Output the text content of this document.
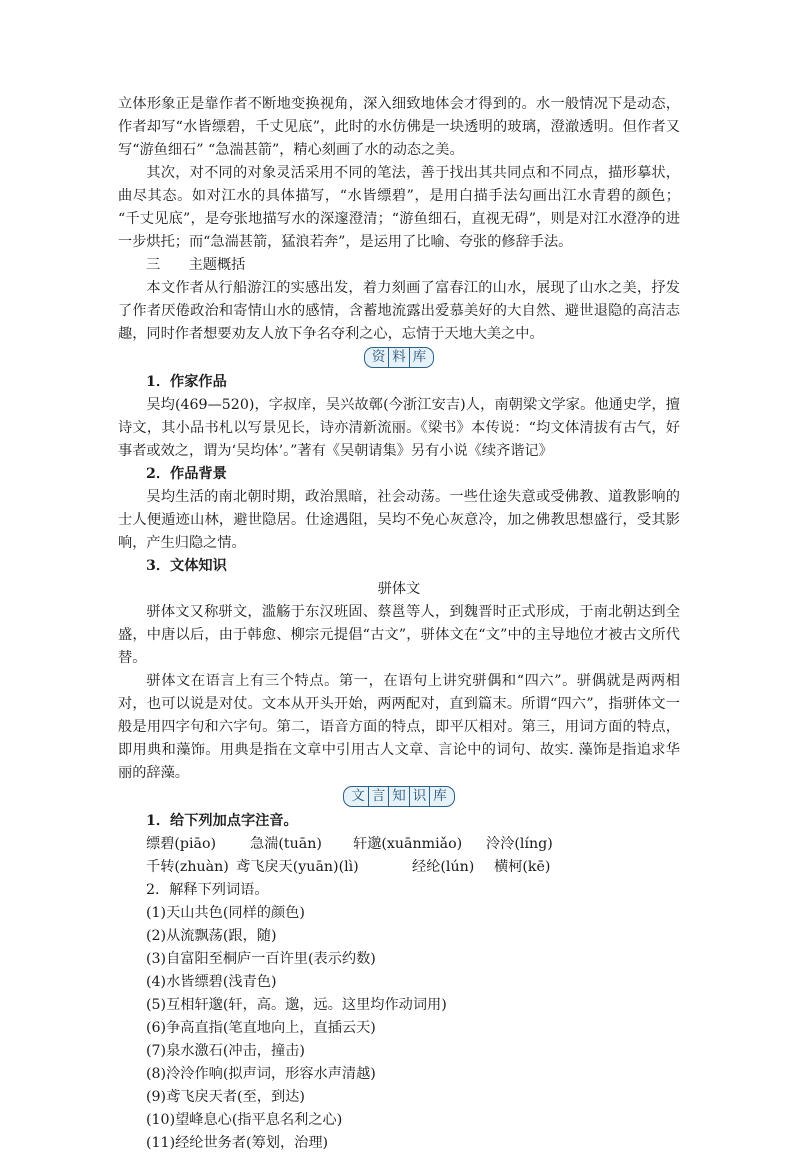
立体形象正是靠作者不断地变换视角，深入细致地体会才得到的。水一般情况下是动态，作者却写“水皆缥碧，千丈见底”，此时的水仿佛是一块透明的玻璃，澄澈透明。但作者又写“游鱼细石” “急湍甚箭”，精心刻画了水的动态之美。

其次，对不同的对象灵活采用不同的笔法，善于找出其共同点和不同点，描形摹状，曲尽其态。如对江水的具体描写，“水皆缥碧”，是用白描手法勾画出江水青碧的颜色； “千丈见底”，是夸张地描写水的深邃澄清；“游鱼细石，直视无碍”，则是对江水澄净的进一步烘托；而“急湍甚箭，猛浪若奔”，是运用了比喻、夸张的修辞手法。

三　　主题概括

本文作者从行船游江的实感出发，着力刻画了富春江的山水，展现了山水之美，抒发了作者厌倦政治和寄情山水的感情，含蓄地流露出爱慕美好的大自然、避世退隐的高洁志趣，同时作者想要劝友人放下争名夺利之心，忘情于天地大美之中。

资 料 库

1．作家作品

吴均(469—520)，字叔庠，吴兴故鄣(今浙江安吉)人，南朝梁文学家。他通史学，擅诗文，其小品书札以写景见长，诗亦清新流丽。《梁书》本传说：“均文体清拔有古气，好事者或效之，谓为‘吴均体’。”著有《吴朝请集》另有小说《续齐谐记》

2．作品背景

吴均生活的南北朝时期，政治黑暗，社会动荡。一些仕途失意或受佛教、道教影响的士人便遁迹山林，避世隐居。仕途遇阻，吴均不免心灰意冷，加之佛教思想盛行，受其影响，产生归隐之情。

3．文体知识

骈体文

骈体文又称骈文，滥觞于东汉班固、蔡邕等人，到魏晋时正式形成，于南北朝达到全盛，中唐以后，由于韩愈、柳宗元提倡“古文”，骈体文在“文”中的主导地位才被古文所代替。

骈体文在语言上有三个特点。第一，在语句上讲究骈偶和“四六”。骈偶就是两两相对，也可以说是对仗。文本从开头开始，两两配对，直到篇末。所谓“四六”，指骈体文一般是用四字句和六字句。第二，语音方面的特点，即平仄相对。第三，用词方面的特点，即用典和藻饰。用典是指在文章中引用古人文章、言论中的词句、故实. 藻饰是指追求华丽的辞藻。

文 言 知 识 库

1．给下列加点字注音。

缥碧(piāo)	急湍(tuān)	轩邈(xuānmiǎo)	泠泠(líng)
千转(zhuàn) 鸢飞戾天(yuān)(lì)	经纶(lún)	横柯(kē)

2．解释下列词语。

(1)天山共色(同样的颜色)

(2)从流飘荡(跟，随)

(3)自富阳至桐庐一百许里(表示约数)

(4)水皆缥碧(浅青色)

(5)互相轩邈(轩，高。邈，远。这里均作动词用)

(6)争高直指(笔直地向上，直插云天)

(7)泉水激石(冲击，撞击)

(8)泠泠作响(拟声词，形容水声清越)

(9)鸢飞戾天者(至，到达)

(10)望峰息心(指平息名利之心)

(11)经纶世务者(筹划，治理)
